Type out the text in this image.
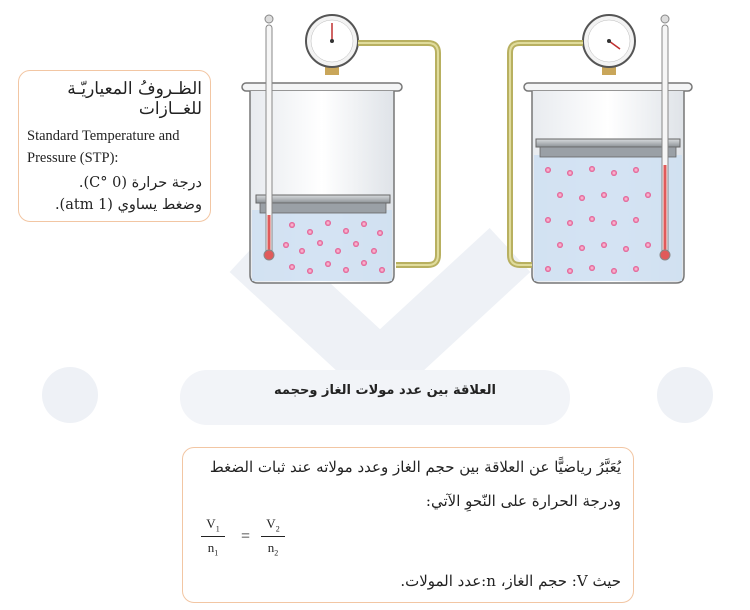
الظـروفُ المعياريّـة للغــازات
Standard Temperature and
Pressure (STP):
درجة حرارة (0 °C).
وضغط يساوي (1 atm).
العلاقة بين عدد مولات الغاز وحجمه
يُعَبَّرُ رياضيًّا عن العلاقة بين حجم الغاز وعدد مولاته عند ثبات الضغط
ودرجة الحرارة على النّحوِ الآتي:
$\frac{V_1}{n_1} = \frac{V_2}{n_2}$
حيث V: حجم الغاز، n:عدد المولات.
